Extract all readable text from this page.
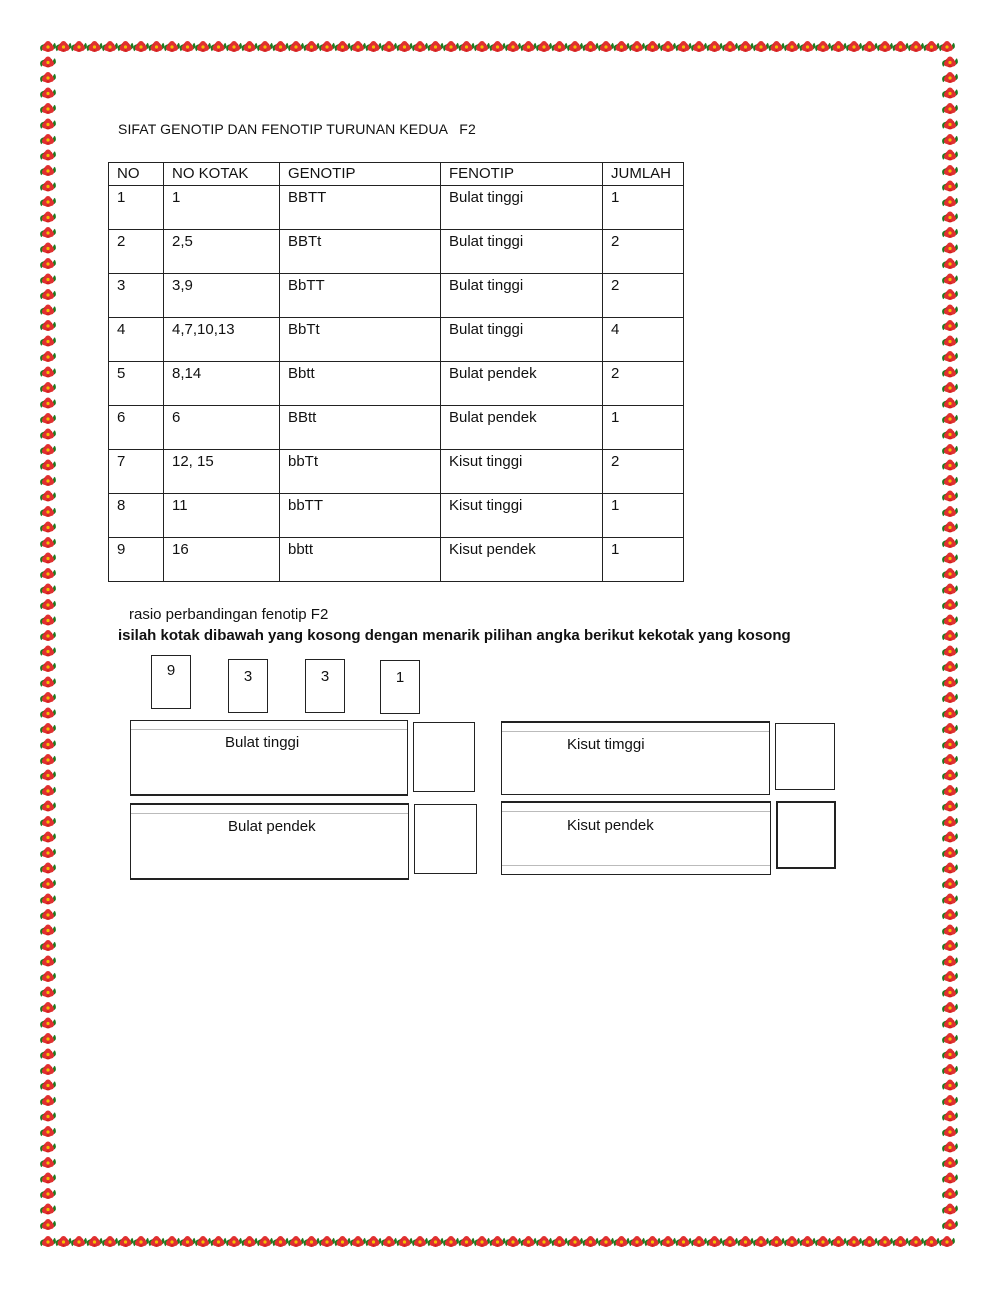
SIFAT GENOTIP DAN FENOTIP TURUNAN KEDUA   F2
NO	NO KOTAK	GENOTIP	FENOTIP	JUMLAH
1	1	BBTT	Bulat tinggi	1
2	2,5	BBTt	Bulat tinggi	2
3	3,9	BbTT	Bulat tinggi	2
4	4,7,10,13	BbTt	Bulat tinggi	4
5	8,14	Bbtt	Bulat pendek	2
6	6	BBtt	Bulat pendek	1
7	12, 15	bbTt	Kisut tinggi	2
8	11	bbTT	Kisut tinggi	1
9	16	bbtt	Kisut pendek	1
rasio perbandingan fenotip F2
isilah kotak dibawah yang kosong dengan menarik pilihan angka berikut kekotak yang kosong
9	3	3	1
Bulat tinggi	Kisut timggi
Bulat pendek	Kisut pendek
